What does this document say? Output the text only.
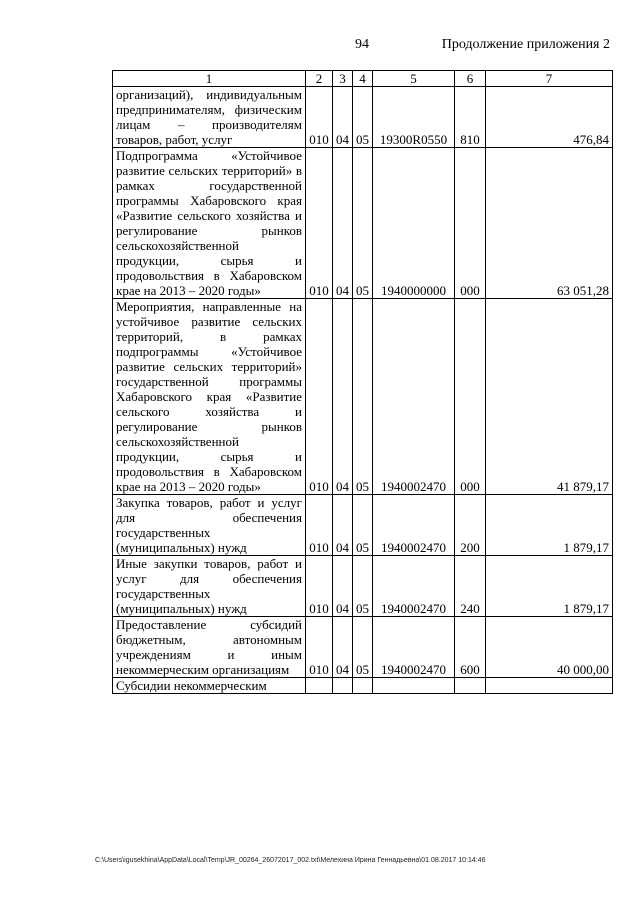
94	Продолжение приложения 2
1	2	3	4	5	6	7
организаций), индивидуальным предпринимателям, физическим лицам – производителям товаров, работ, услуг	010	04	05	19300R0550	810	476,84
Подпрограмма «Устойчивое развитие сельских территорий» в рамках государственной программы Хабаровского края «Развитие сельского хозяйства и регулирование рынков сельскохозяйственной продукции, сырья и продовольствия в Хабаровском крае на 2013 – 2020 годы»	010	04	05	1940000000	000	63 051,28
Мероприятия, направленные на устойчивое развитие сельских территорий, в рамках подпрограммы «Устойчивое развитие сельских территорий» государственной программы Хабаровского края «Развитие сельского хозяйства и регулирование рынков сельскохозяйственной продукции, сырья и продовольствия в Хабаровском крае на 2013 – 2020 годы»	010	04	05	1940002470	000	41 879,17
Закупка товаров, работ и услуг для обеспечения государственных (муниципальных) нужд	010	04	05	1940002470	200	1 879,17
Иные закупки товаров, работ и услуг для обеспечения государственных (муниципальных) нужд	010	04	05	1940002470	240	1 879,17
Предоставление субсидий бюджетным, автономным учреждениям и иным некоммерческим организациям	010	04	05	1940002470	600	40 000,00
Субсидии некоммерческим						
C:\Users\igusekhina\AppData\Local\Temp\JR_00264_26072017_002.txt\Мелехина Ирина Геннадьевна\01.08.2017 10:14:46
